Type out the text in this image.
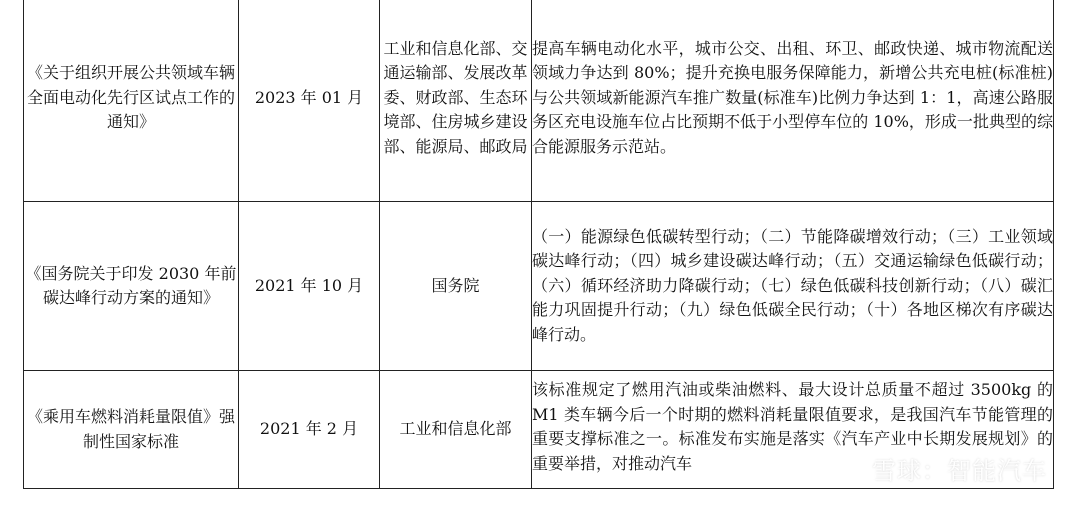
《关于组织开展公共领域车辆全面电动化先行区试点工作的通知》	2023 年 01 月	工业和信息化部、交通运输部、发展改革委、财政部、生态环境部、住房城乡建设部、能源局、邮政局	提高车辆电动化水平，城市公交、出租、环卫、邮政快递、城市物流配送领域力争达到 80%；提升充换电服务保障能力，新增公共充电桩(标准桩)与公共领域新能源汽车推广数量(标准车)比例力争达到 1：1，高速公路服务区充电设施车位占比预期不低于小型停车位的 10%，形成一批典型的综合能源服务示范站。
《国务院关于印发 2030 年前碳达峰行动方案的通知》	2021 年 10 月	国务院	（一）能源绿色低碳转型行动；（二）节能降碳增效行动；（三）工业领域碳达峰行动；（四）城乡建设碳达峰行动；（五）交通运输绿色低碳行动；（六）循环经济助力降碳行动；（七）绿色低碳科技创新行动；（八）碳汇能力巩固提升行动；（九）绿色低碳全民行动；（十）各地区梯次有序碳达峰行动。
《乘用车燃料消耗量限值》强制性国家标准	2021 年 2 月	工业和信息化部	该标准规定了燃用汽油或柴油燃料、最大设计总质量不超过 3500kg 的 M1 类车辆今后一个时期的燃料消耗量限值要求，是我国汽车节能管理的重要支撑标准之一。标准发布实施是落实《汽车产业中长期发展规划》的重要举措，对推动汽车	雪球：智能汽车
